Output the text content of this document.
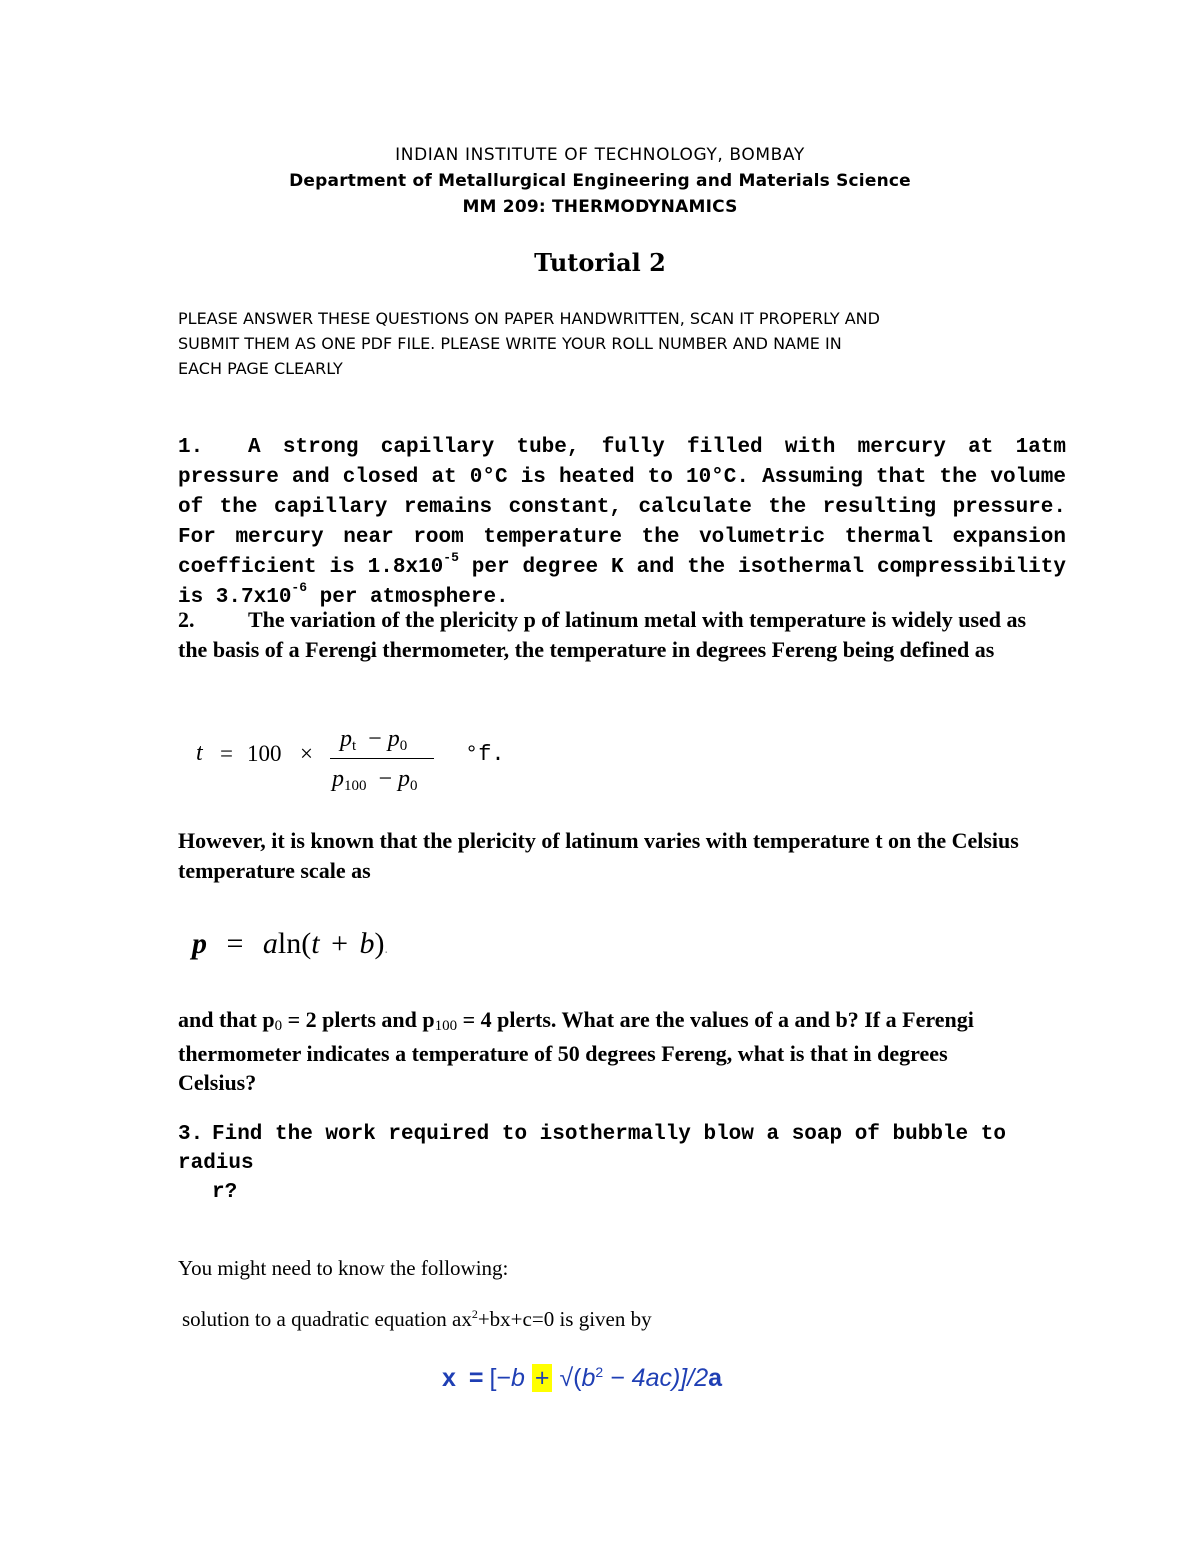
INDIAN INSTITUTE OF TECHNOLOGY, BOMBAY
Department of Metallurgical Engineering and Materials Science
MM 209: THERMODYNAMICS
Tutorial 2
PLEASE ANSWER THESE QUESTIONS ON PAPER HANDWRITTEN, SCAN IT PROPERLY AND
SUBMIT THEM AS ONE PDF FILE. PLEASE WRITE YOUR ROLL NUMBER AND NAME IN
EACH PAGE CLEARLY
1. A strong capillary tube, fully filled with mercury at 1atm pressure and closed at 0°C is heated to 10°C. Assuming that the volume of the capillary remains constant, calculate the resulting pressure. For mercury near room temperature the volumetric thermal expansion coefficient is $1.8x10^{-5}$ per degree K and the isothermal compressibility is $3.7x10^{-6}$ per atmosphere.
2. The variation of the plericity p of latinum metal with temperature is widely used as the basis of a Ferengi thermometer, the temperature in degrees Fereng being defined as
t = 100 ×
pt − p0
p100 − p0
°f.
However, it is known that the plericity of latinum varies with temperature t on the Celsius temperature scale as
p = aln(t + b).
and that p0 = 2 plerts and p100 = 4 plerts. What are the values of a and b? If a Ferengi thermometer indicates a temperature of 50 degrees Fereng, what is that in degrees Celsius?
3. Find the work required to isothermally blow a soap of bubble to radius
r?
You might need to know the following:
solution to a quadratic equation $ax^2+bx+c=0$ is given by
$x = [-b + √(b^2 - 4ac)]/2a$
